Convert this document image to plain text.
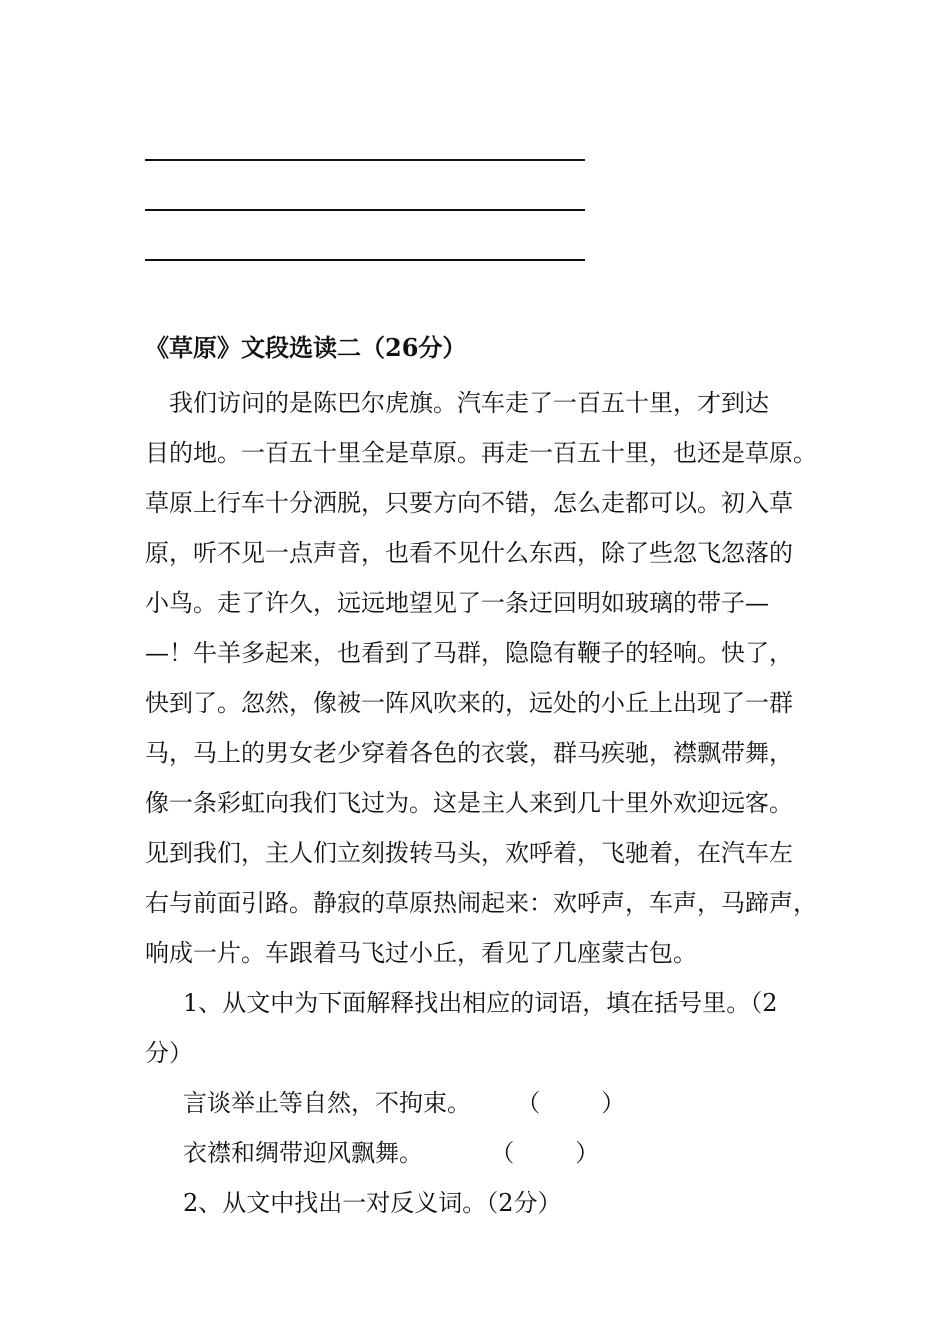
《草原》文段选读二（26分）
我们访问的是陈巴尔虎旗。汽车走了一百五十里，才到达
目的地。一百五十里全是草原。再走一百五十里，也还是草原。
草原上行车十分洒脱，只要方向不错，怎么走都可以。初入草
原，听不见一点声音，也看不见什么东西，除了些忽飞忽落的
小鸟。走了许久，远远地望见了一条迂回明如玻璃的带子—
—！牛羊多起来，也看到了马群，隐隐有鞭子的轻响。快了，
快到了。忽然，像被一阵风吹来的，远处的小丘上出现了一群
马，马上的男女老少穿着各色的衣裳，群马疾驰，襟飘带舞，
像一条彩虹向我们飞过为。这是主人来到几十里外欢迎远客。
见到我们，主人们立刻拨转马头，欢呼着，飞驰着，在汽车左
右与前面引路。静寂的草原热闹起来：欢呼声，车声，马蹄声，
响成一片。车跟着马飞过小丘，看见了几座蒙古包。
1、从文中为下面解释找出相应的词语，填在括号里。（2
分）
言谈举止等自然，不拘束。 （        ）
衣襟和绸带迎风飘舞。	（        ）
2、从文中找出一对反义词。（2分）
